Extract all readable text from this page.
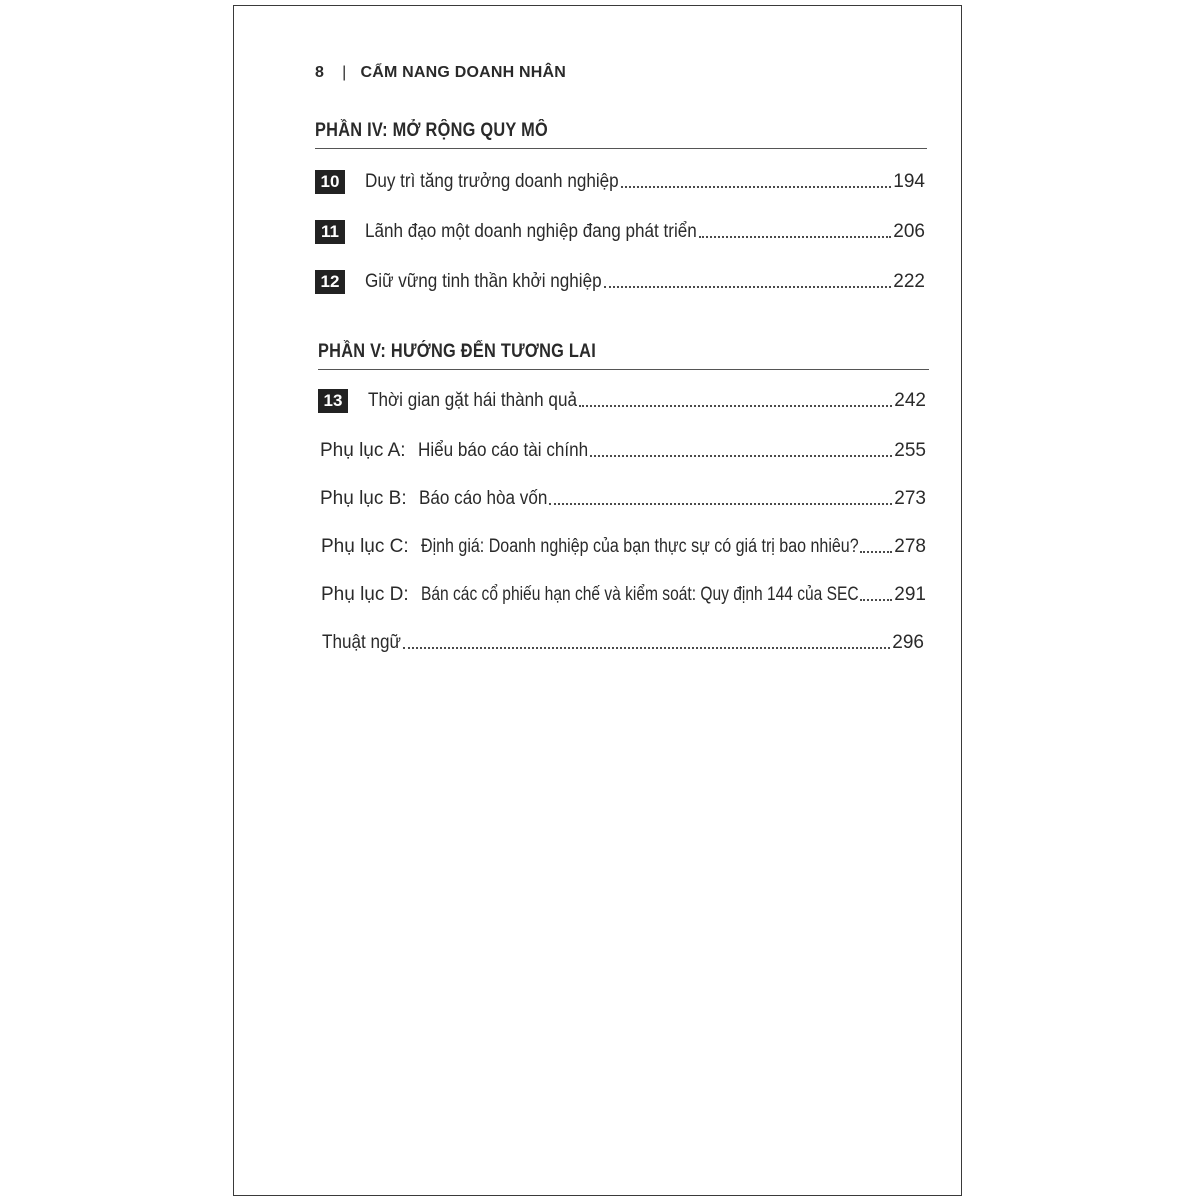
8 | CẨM NANG DOANH NHÂN
PHẦN IV: MỞ RỘNG QUY MÔ
10 Duy trì tăng trưởng doanh nghiệp	194
11	Lãnh đạo một doanh nghiệp đang phát triển	206
12 Giữ vững tinh thần khởi nghiệp	222
PHẦN V: HƯỚNG ĐẾN TƯƠNG LAI
13 Thời gian gặt hái thành quả	242
Phụ lục A: Hiểu báo cáo tài chính	255
Phụ lục B: Báo cáo hòa vốn	273
Phụ lục C: Định giá: Doanh nghiệp của bạn thực sự có giá trị bao nhiêu? 278
Phụ lục D: Bán các cổ phiếu hạn chế và kiểm soát: Quy định 144 của SEC 291
Thuật ngữ	296
